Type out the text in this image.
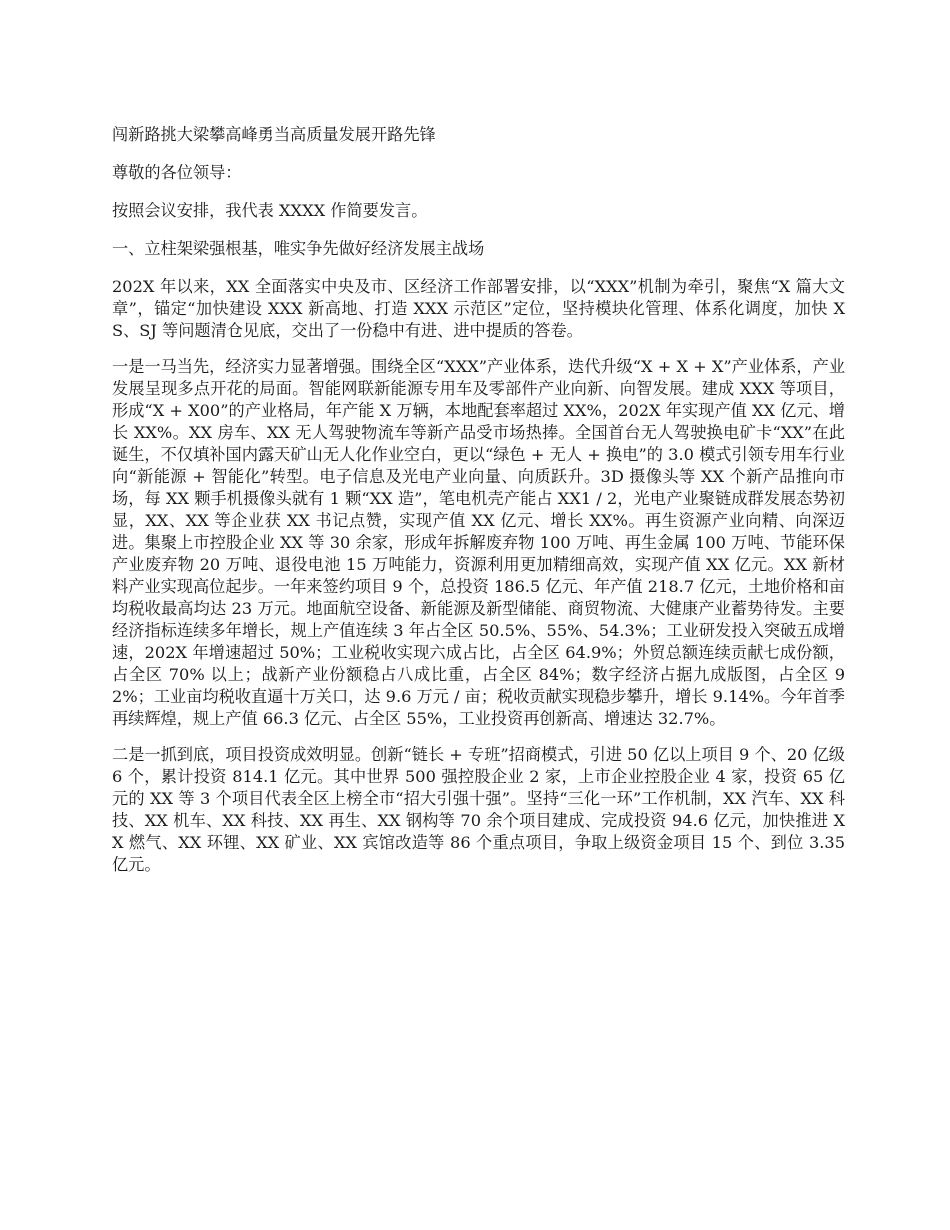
闯新路挑大梁攀高峰勇当高质量发展开路先锋

尊敬的各位领导：

按照会议安排，我代表 XXXX 作简要发言。

一、立柱架梁强根基，唯实争先做好经济发展主战场

202X 年以来，XX 全面落实中央及市、区经济工作部署安排，以“XXX”机制为牵引，聚焦“X 篇大文章”，锚定“加快建设 XXX 新高地、打造 XXX 示范区”定位，坚持模块化管理、体系化调度，加快 XS、SJ 等问题清仓见底，交出了一份稳中有进、进中提质的答卷。

一是一马当先，经济实力显著增强。围绕全区“XXX”产业体系，迭代升级“X + X + X”产业体系，产业发展呈现多点开花的局面。智能网联新能源专用车及零部件产业向新、向智发展。建成 XXX 等项目，形成“X + X00”的产业格局，年产能 X 万辆，本地配套率超过 XX%，202X 年实现产值 XX 亿元、增长 XX%。XX 房车、XX 无人驾驶物流车等新产品受市场热捧。全国首台无人驾驶换电矿卡“XX”在此诞生，不仅填补国内露天矿山无人化作业空白，更以“绿色 + 无人 + 换电”的 3.0 模式引领专用车行业向“新能源 + 智能化”转型。电子信息及光电产业向量、向质跃升。3D 摄像头等 XX 个新产品推向市场，每 XX 颗手机摄像头就有 1 颗“XX 造”，笔电机壳产能占 XX1 / 2，光电产业聚链成群发展态势初显，XX、XX 等企业获 XX 书记点赞，实现产值 XX 亿元、增长 XX%。再生资源产业向精、向深迈进。集聚上市控股企业 XX 等 30 余家，形成年拆解废弃物 100 万吨、再生金属 100 万吨、节能环保产业废弃物 20 万吨、退役电池 15 万吨能力，资源利用更加精细高效，实现产值 XX 亿元。XX 新材料产业实现高位起步。一年来签约项目 9 个，总投资 186.5 亿元、年产值 218.7 亿元，土地价格和亩均税收最高均达 23 万元。地面航空设备、新能源及新型储能、商贸物流、大健康产业蓄势待发。主要经济指标连续多年增长，规上产值连续 3 年占全区 50.5%、55%、54.3%；工业研发投入突破五成增速，202X 年增速超过 50%；工业税收实现六成占比，占全区 64.9%；外贸总额连续贡献七成份额，占全区 70% 以上；战新产业份额稳占八成比重，占全区 84%；数字经济占据九成版图，占全区 92%；工业亩均税收直逼十万关口，达 9.6 万元 / 亩；税收贡献实现稳步攀升，增长 9.14%。今年首季再续辉煌，规上产值 66.3 亿元、占全区 55%，工业投资再创新高、增速达 32.7%。

二是一抓到底，项目投资成效明显。创新“链长 + 专班”招商模式，引进 50 亿以上项目 9 个、20 亿级 6 个，累计投资 814.1 亿元。其中世界 500 强控股企业 2 家，上市企业控股企业 4 家，投资 65 亿元的 XX 等 3 个项目代表全区上榜全市“招大引强十强”。坚持“三化一环”工作机制，XX 汽车、XX 科技、XX 机车、XX 科技、XX 再生、XX 钢构等 70 余个项目建成、完成投资 94.6 亿元，加快推进 XX 燃气、XX 环锂、XX 矿业、XX 宾馆改造等 86 个重点项目，争取上级资金项目 15 个、到位 3.35 亿元。
